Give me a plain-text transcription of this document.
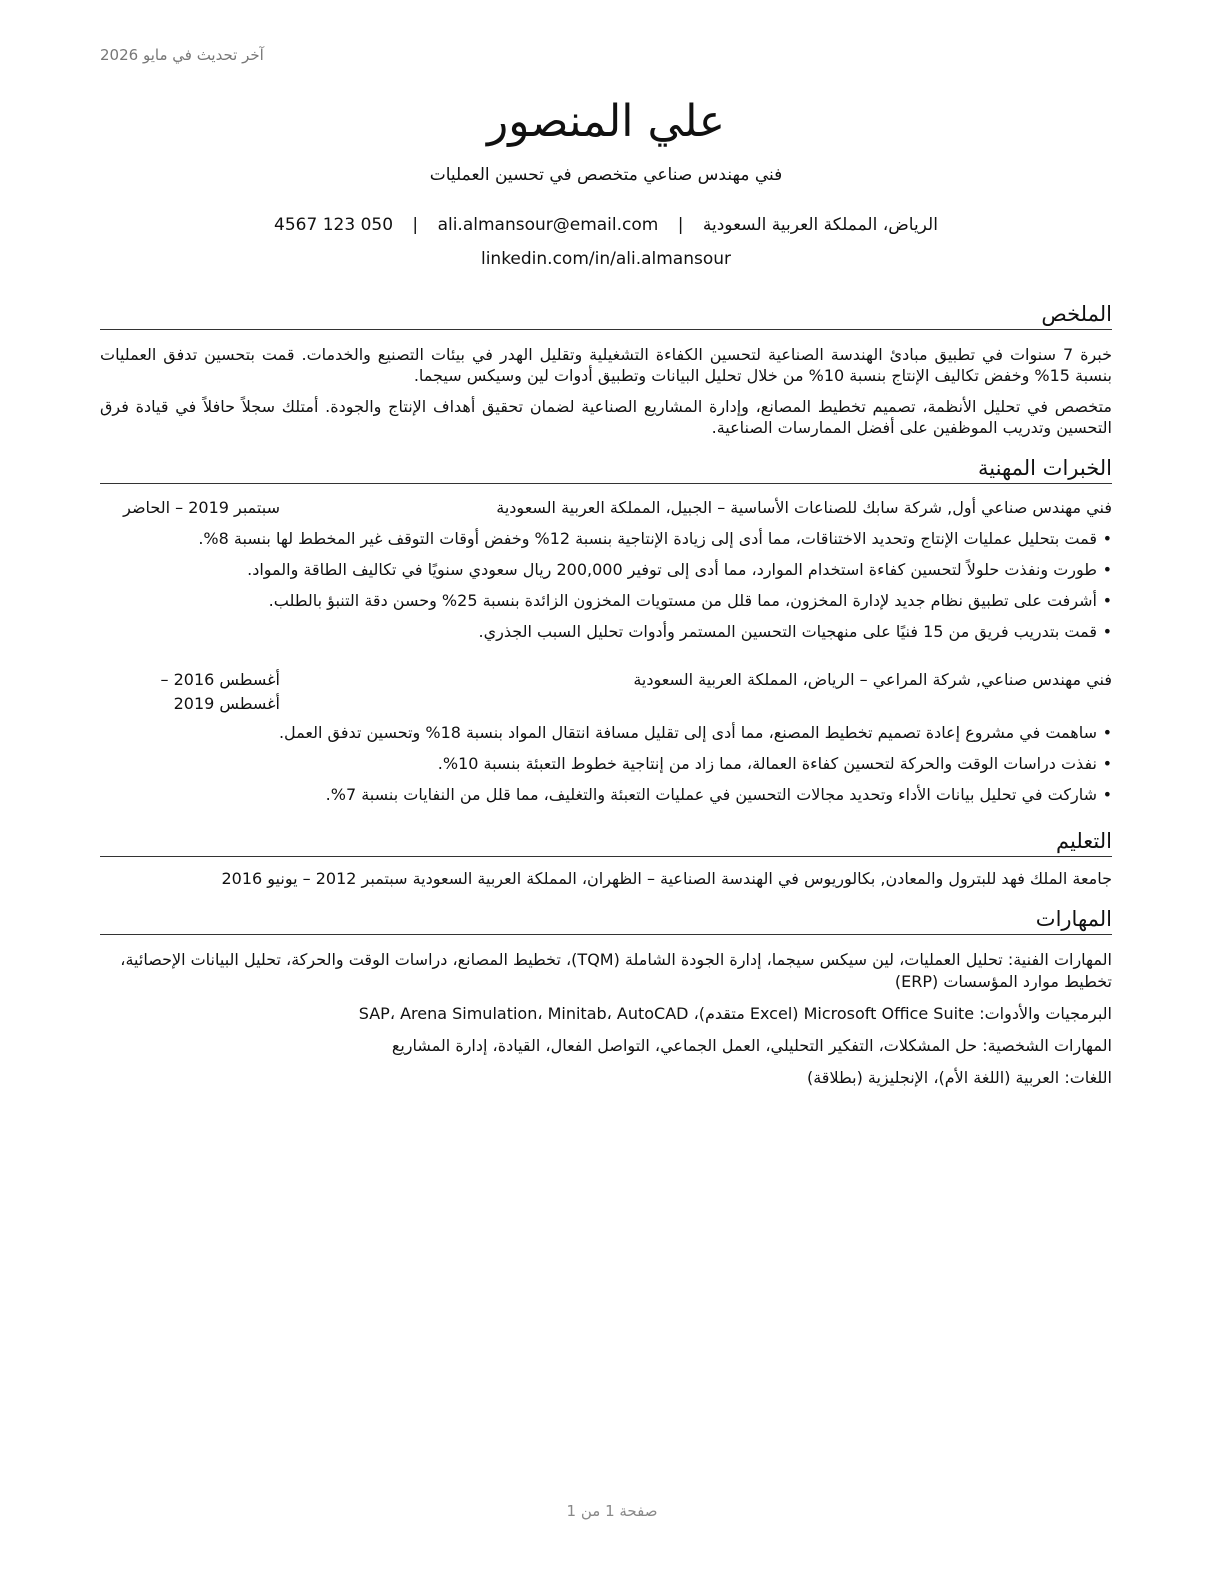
آخر تحديث في مايو 2026
علي المنصور
فني مهندس صناعي متخصص في تحسين العمليات
الرياض، المملكة العربية السعودية | ali.almansour@email.com | 4567 123 050
linkedin.com/in/ali.almansour
الملخص

خبرة 7 سنوات في تطبيق مبادئ الهندسة الصناعية لتحسين الكفاءة التشغيلية وتقليل الهدر في بيئات التصنيع والخدمات. قمت بتحسين تدفق العمليات بنسبة 15% وخفض تكاليف الإنتاج بنسبة 10% من خلال تحليل البيانات وتطبيق أدوات لين وسيكس سيجما.

متخصص في تحليل الأنظمة، تصميم تخطيط المصانع، وإدارة المشاريع الصناعية لضمان تحقيق أهداف الإنتاج والجودة. أمتلك سجلاً حافلاً في قيادة فرق التحسين وتدريب الموظفين على أفضل الممارسات الصناعية.

الخبرات المهنية
فني مهندس صناعي أول, شركة سابك للصناعات الأساسية – الجبيل، المملكة العربية السعودية
سبتمبر 2019 – الحاضر
• قمت بتحليل عمليات الإنتاج وتحديد الاختناقات، مما أدى إلى زيادة الإنتاجية بنسبة 12% وخفض أوقات التوقف غير المخطط لها بنسبة 8%.
• طورت ونفذت حلولاً لتحسين كفاءة استخدام الموارد، مما أدى إلى توفير 200,000 ريال سعودي سنويًا في تكاليف الطاقة والمواد.
• أشرفت على تطبيق نظام جديد لإدارة المخزون، مما قلل من مستويات المخزون الزائدة بنسبة 25% وحسن دقة التنبؤ بالطلب.
• قمت بتدريب فريق من 15 فنيًا على منهجيات التحسين المستمر وأدوات تحليل السبب الجذري.
فني مهندس صناعي, شركة المراعي – الرياض، المملكة العربية السعودية
أغسطس 2016 – أغسطس 2019
• ساهمت في مشروع إعادة تصميم تخطيط المصنع، مما أدى إلى تقليل مسافة انتقال المواد بنسبة 18% وتحسين تدفق العمل.
• نفذت دراسات الوقت والحركة لتحسين كفاءة العمالة، مما زاد من إنتاجية خطوط التعبئة بنسبة 10%.
• شاركت في تحليل بيانات الأداء وتحديد مجالات التحسين في عمليات التعبئة والتغليف، مما قلل من النفايات بنسبة 7%.
التعليم
جامعة الملك فهد للبترول والمعادن, بكالوريوس في الهندسة الصناعية – الظهران، المملكة العربية السعودية سبتمبر 2012 – يونيو 2016
المهارات
المهارات الفنية: تحليل العمليات، لين سيكس سيجما، إدارة الجودة الشاملة (TQM)، تخطيط المصانع، دراسات الوقت والحركة، تحليل البيانات الإحصائية، تخطيط موارد المؤسسات (ERP)
البرمجيات والأدوات: Microsoft Office Suite (Excel متقدم)، SAP، Arena Simulation، Minitab، AutoCAD
المهارات الشخصية: حل المشكلات، التفكير التحليلي، العمل الجماعي، التواصل الفعال، القيادة، إدارة المشاريع
اللغات: العربية (اللغة الأم)، الإنجليزية (بطلاقة)
صفحة 1 من 1
